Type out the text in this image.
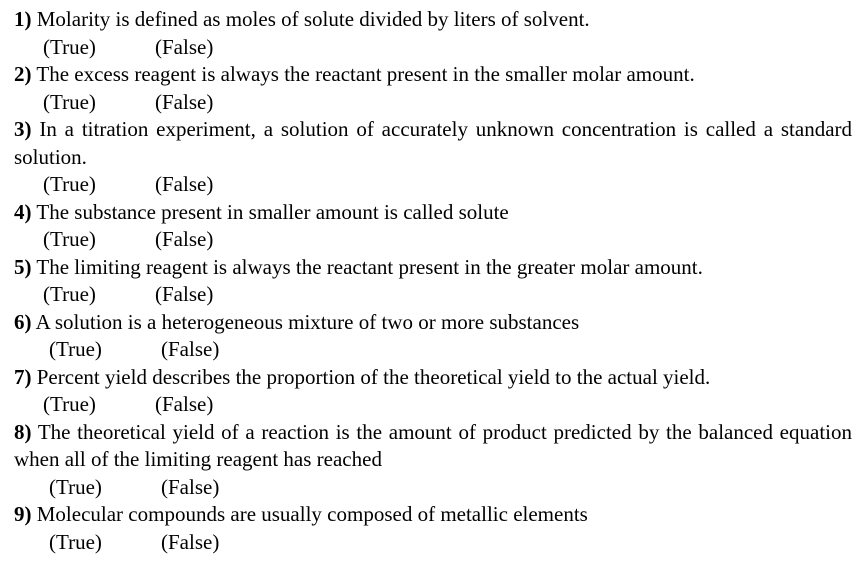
1) Molarity is defined as moles of solute divided by liters of solvent.

(True)	(False)

2) The excess reagent is always the reactant present in the smaller molar amount.

(True)	(False)

3) In a titration experiment, a solution of accurately unknown concentration is called a standard solution.

(True)	(False)

4) The substance present in smaller amount is called solute

(True)	(False)

5) The limiting reagent is always the reactant present in the greater molar amount.

(True)	(False)

6) A solution is a heterogeneous mixture of two or more substances

(True)	(False)

7) Percent yield describes the proportion of the theoretical yield to the actual yield.

(True)	(False)

8) The theoretical yield of a reaction is the amount of product predicted by the balanced equation when all of the limiting reagent has reached

(True)	(False)

9) Molecular compounds are usually composed of metallic elements

(True)	(False)
